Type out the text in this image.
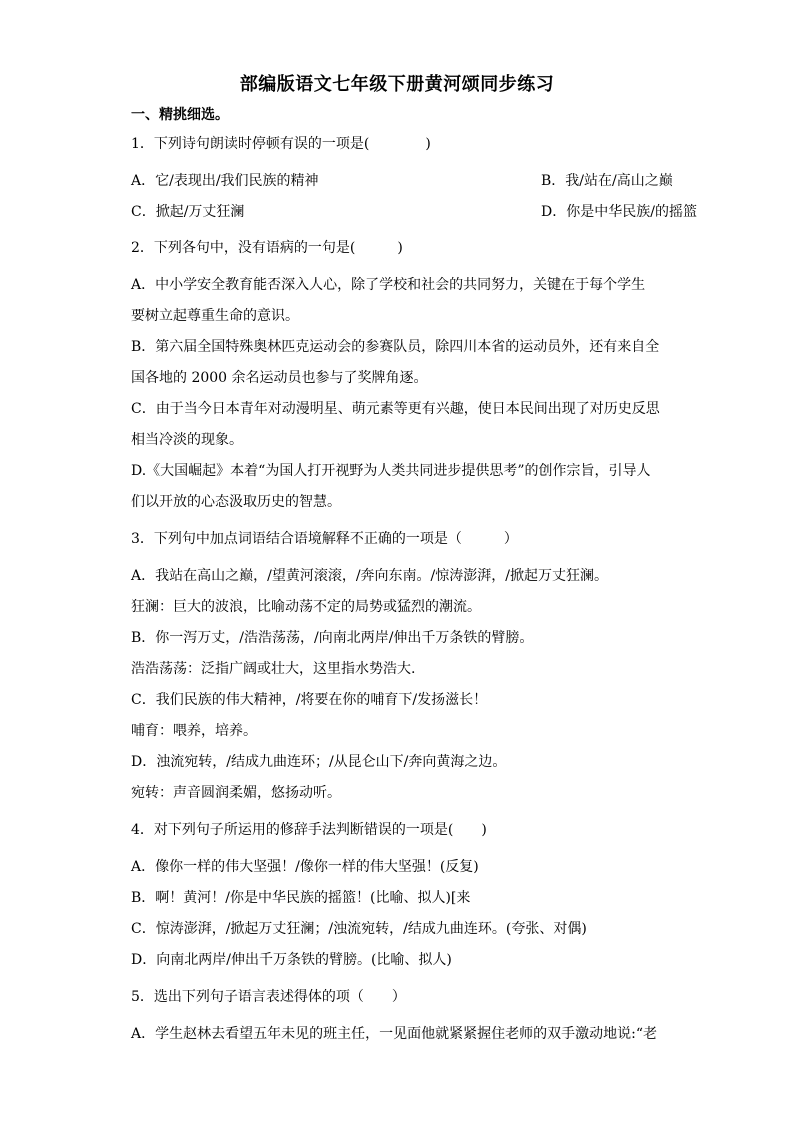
部编版语文七年级下册黄河颂同步练习
一、精挑细选。
1．下列诗句朗读时停顿有误的一项是(　　　　)
A．它/表现出/我们民族的精神	B．我/站在/高山之巅
C．掀起/万丈狂澜	D．你是中华民族/的摇篮
2．下列各句中，没有语病的一句是(　　　)
A．中小学安全教育能否深入人心，除了学校和社会的共同努力，关键在于每个学生
要树立起尊重生命的意识。
B．第六届全国特殊奥林匹克运动会的参赛队员，除四川本省的运动员外，还有来自全
国各地的 2000 余名运动员也参与了奖牌角逐。
C．由于当今日本青年对动漫明星、萌元素等更有兴趣，使日本民间出现了对历史反思
相当冷淡的现象。
D.《大国崛起》本着“为国人打开视野为人类共同进步提供思考”的创作宗旨，引导人
们以开放的心态汲取历史的智慧。
3．下列句中加点词语结合语境解释不正确的一项是（　　　）
A．我站在高山之巅，/望黄河滚滚，/奔向东南。/惊涛澎湃，/掀起万丈狂澜。
狂澜：巨大的波浪，比喻动荡不定的局势或猛烈的潮流。
B．你一泻万丈，/浩浩荡荡，/向南北两岸/伸出千万条铁的臂膀。
浩浩荡荡：泛指广阔或壮大，这里指水势浩大.
C．我们民族的伟大精神，/将要在你的哺育下/发扬滋长！
哺育：喂养，培养。
D．浊流宛转，/结成九曲连环；/从昆仑山下/奔向黄海之边。
宛转：声音圆润柔媚，悠扬动听。
4．对下列句子所运用的修辞手法判断错误的一项是(　　)
A．像你一样的伟大坚强！/像你一样的伟大坚强！(反复)
B．啊！黄河！/你是中华民族的摇篮！(比喻、拟人)[来
C．惊涛澎湃，/掀起万丈狂澜；/浊流宛转，/结成九曲连环。(夸张、对偶)
D．向南北两岸/伸出千万条铁的臂膀。(比喻、拟人)
5．选出下列句子语言表述得体的项（　　）
A．学生赵林去看望五年未见的班主任，一见面他就紧紧握住老师的双手激动地说:“老
